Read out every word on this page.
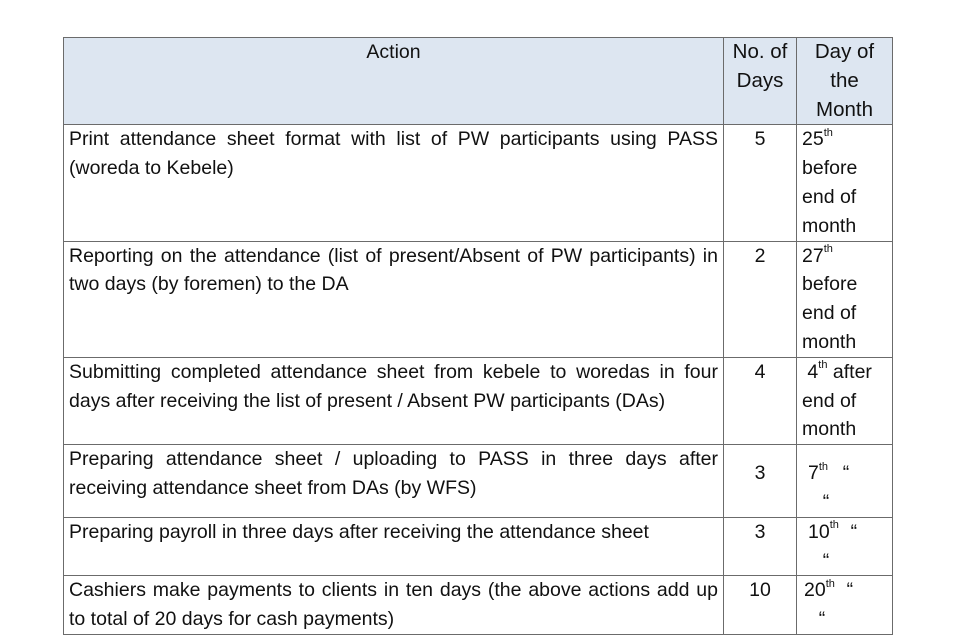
Action	No. of Days	Day of the Month
Print attendance sheet format with list of PW participants using PASS (woreda to Kebele)	5	25th before end of month
Reporting on the attendance (list of present/Absent of PW participants) in two days (by foremen) to the DA	2	27th before end of month
Submitting completed attendance sheet from kebele to woredas in four days after receiving the list of present / Absent PW participants (DAs)	4	4th after end of month
Preparing attendance sheet / uploading to PASS in three days after receiving attendance sheet from DAs (by WFS)	3	7th ““

Preparing payroll in three days after receiving the attendance sheet	3	10th ““

Cashiers make payments to clients in ten days (the above actions add up to total of 20 days for cash payments)	10	20th ““
